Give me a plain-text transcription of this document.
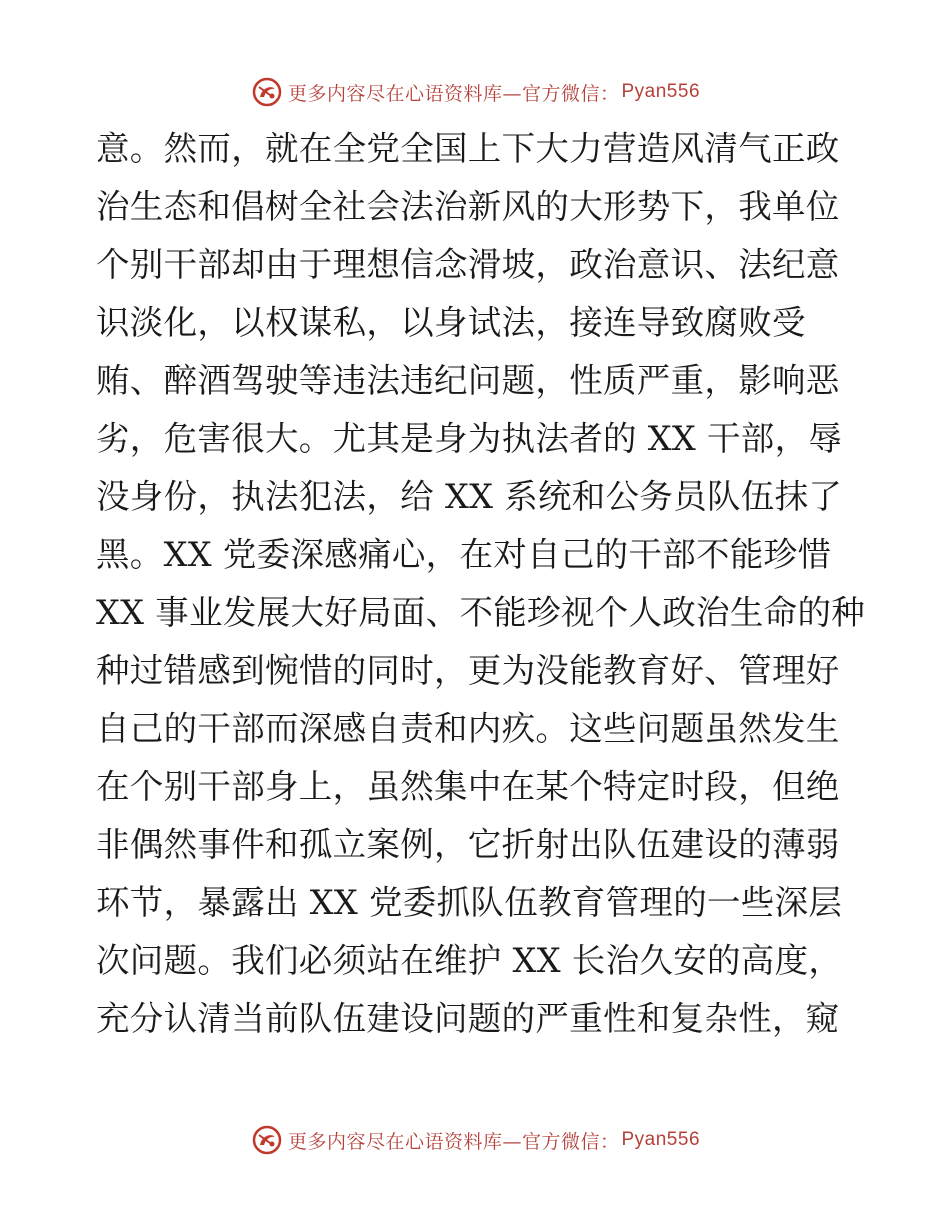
更多内容尽在心语资料库—官方微信： Pyan556
意。然而，就在全党全国上下大力营造风清气正政
治生态和倡树全社会法治新风的大形势下，我单位
个别干部却由于理想信念滑坡，政治意识、法纪意
识淡化，以权谋私，以身试法，接连导致腐败受
贿、醉酒驾驶等违法违纪问题，性质严重，影响恶
劣，危害很大。尤其是身为执法者的 XX 干部，辱
没身份，执法犯法，给 XX 系统和公务员队伍抹了
黑。XX 党委深感痛心，在对自己的干部不能珍惜
XX 事业发展大好局面、不能珍视个人政治生命的种
种过错感到惋惜的同时，更为没能教育好、管理好
自己的干部而深感自责和内疚。这些问题虽然发生
在个别干部身上，虽然集中在某个特定时段，但绝
非偶然事件和孤立案例，它折射出队伍建设的薄弱
环节，暴露出 XX 党委抓队伍教育管理的一些深层
次问题。我们必须站在维护 XX 长治久安的高度，
充分认清当前队伍建设问题的严重性和复杂性，窥
更多内容尽在心语资料库—官方微信： Pyan556
